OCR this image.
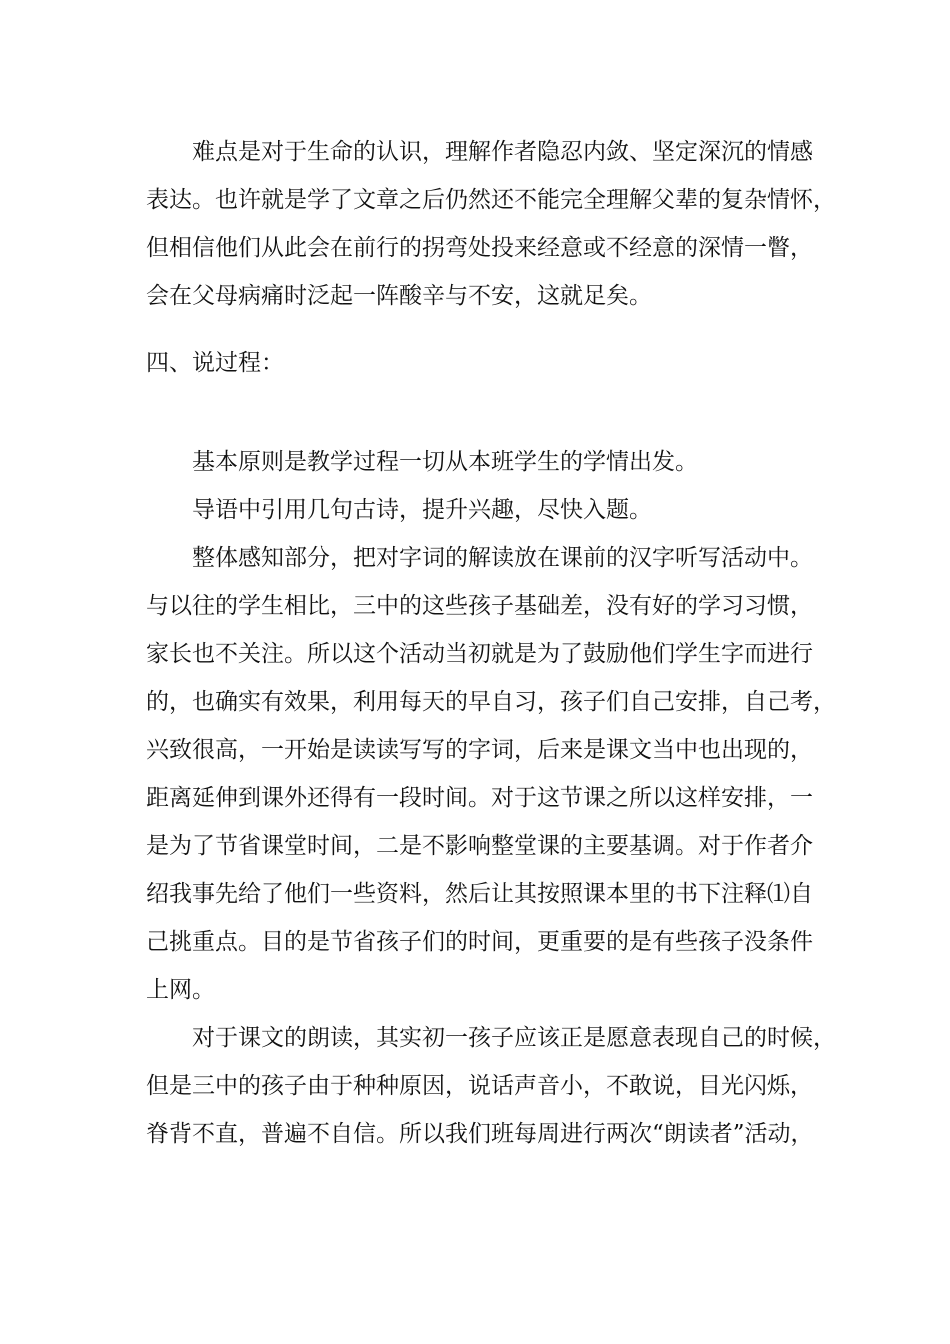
难点是对于生命的认识，理解作者隐忍内敛、坚定深沉的情感
表达。也许就是学了文章之后仍然还不能完全理解父辈的复杂情怀，
但相信他们从此会在前行的拐弯处投来经意或不经意的深情一瞥，
会在父母病痛时泛起一阵酸辛与不安，这就足矣。
四、说过程：
基本原则是教学过程一切从本班学生的学情出发。
导语中引用几句古诗，提升兴趣，尽快入题。
整体感知部分，把对字词的解读放在课前的汉字听写活动中。
与以往的学生相比，三中的这些孩子基础差，没有好的学习习惯，
家长也不关注。所以这个活动当初就是为了鼓励他们学生字而进行
的，也确实有效果，利用每天的早自习，孩子们自己安排，自己考，
兴致很高，一开始是读读写写的字词，后来是课文当中也出现的，
距离延伸到课外还得有一段时间。对于这节课之所以这样安排，一
是为了节省课堂时间，二是不影响整堂课的主要基调。对于作者介
绍我事先给了他们一些资料，然后让其按照课本里的书下注释⑴自
己挑重点。目的是节省孩子们的时间，更重要的是有些孩子没条件
上网。
对于课文的朗读，其实初一孩子应该正是愿意表现自己的时候，
但是三中的孩子由于种种原因，说话声音小，不敢说，目光闪烁，
脊背不直，普遍不自信。所以我们班每周进行两次“朗读者”活动，
